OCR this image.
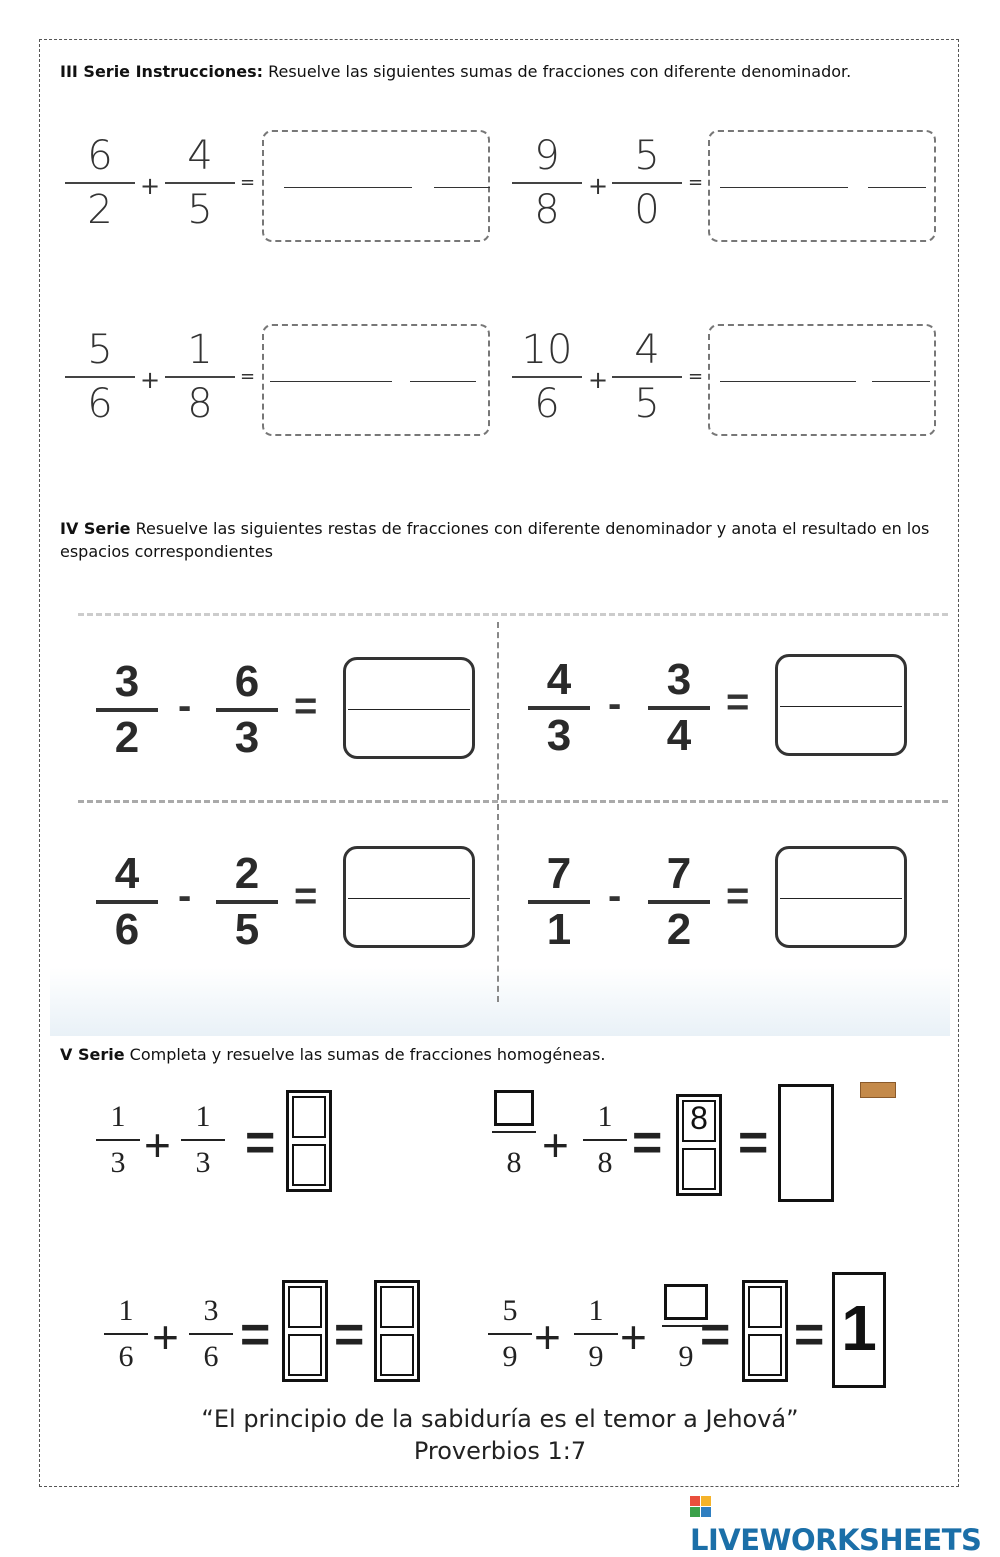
III Serie Instrucciones: Resuelve las siguientes sumas de fracciones con diferente denominador.
6
2
+
4
5
=
9
8
+
5
0
=
5
6
+
1
8
=
10
6
+
4
5
=
IV Serie Resuelve las siguientes restas de fracciones con diferente denominador y anota el resultado en los espacios correspondientes
3
2
- 6
3
=
4
3
-	3
4
=
4
6
- 2
5
=	7
1
-	7
2
=
V Serie Completa y resuelve las sumas de fracciones homogéneas.
1
3 +
1
3 =	8 +
1
8 = 8 =
1
6 +
3
6 = =	5
9 +
1
9 +	9 = = 1
“El principio de la sabiduría es el temor a Jehová”
Proverbios 1:7
LIVEWORKSHEETS
